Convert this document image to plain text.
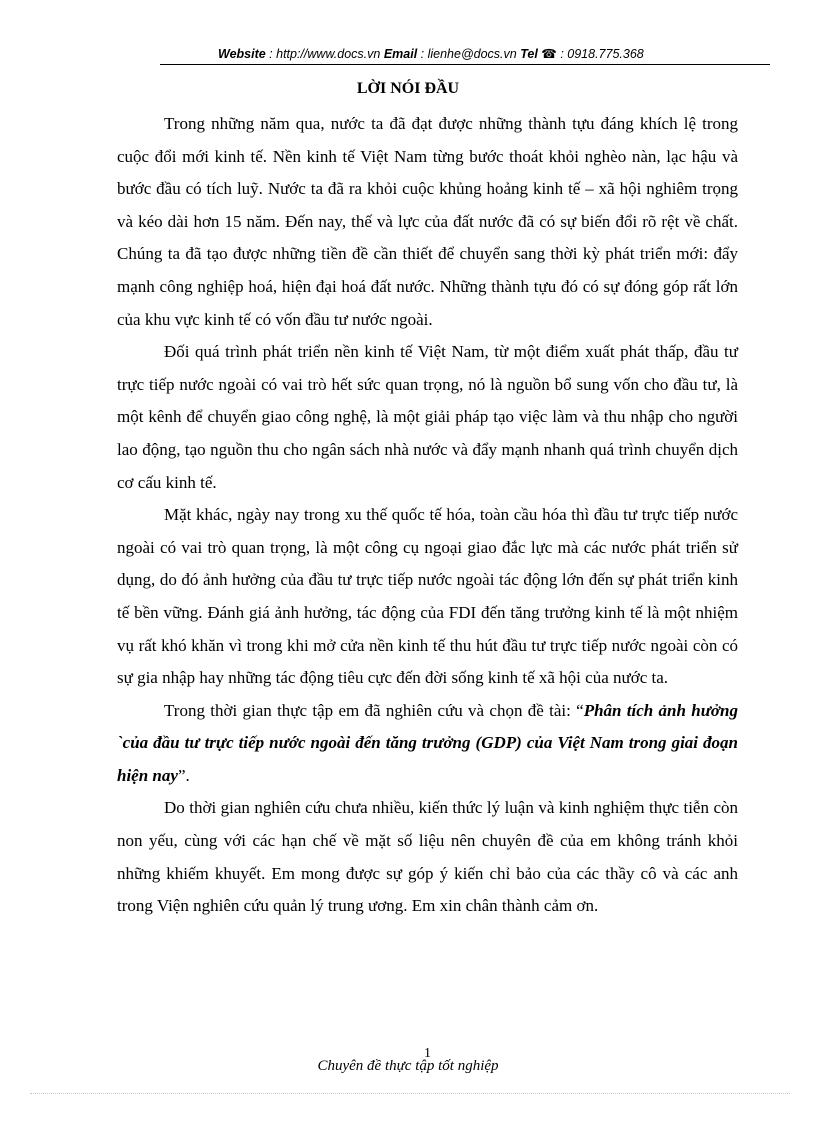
Website : http://www.docs.vn Email : lienhe@docs.vn Tel ☎ : 0918.775.368
LỜI NÓI ĐẦU

Trong những năm qua, nước ta đã đạt được những thành tựu đáng khích lệ trong cuộc đổi mới kinh tế. Nền kinh tế Việt Nam từng bước thoát khỏi nghèo nàn, lạc hậu và bước đầu có tích luỹ. Nước ta đã ra khỏi cuộc khủng hoảng kinh tế – xã hội nghiêm trọng và kéo dài hơn 15 năm. Đến nay, thế và lực của đất nước đã có sự biến đổi rõ rệt về chất. Chúng ta đã tạo được những tiền đề cần thiết để chuyển sang thời kỳ phát triển mới: đẩy mạnh công nghiệp hoá, hiện đại hoá đất nước. Những thành tựu đó có sự đóng góp rất lớn của khu vực kinh tế có vốn đầu tư nước ngoài.

Đối quá trình phát triển nền kinh tế Việt Nam, từ một điểm xuất phát thấp, đầu tư trực tiếp nước ngoài có vai trò hết sức quan trọng, nó là nguồn bổ sung vốn cho đầu tư, là một kênh để chuyển giao công nghệ, là một giải pháp tạo việc làm và thu nhập cho người lao động, tạo nguồn thu cho ngân sách nhà nước và đẩy mạnh nhanh quá trình chuyển dịch cơ cấu kinh tế.

Mặt khác, ngày nay trong xu thế quốc tế hóa, toàn cầu hóa thì đầu tư trực tiếp nước ngoài có vai trò quan trọng, là một công cụ ngoại giao đắc lực mà các nước phát triển sử dụng, do đó ảnh hưởng của đầu tư trực tiếp nước ngoài tác động lớn đến sự phát triển kinh tế bền vững. Đánh giá ảnh hưởng, tác động của FDI đến tăng trưởng kinh tế là một nhiệm vụ rất khó khăn vì trong khi mở cửa nền kinh tế thu hút đầu tư trực tiếp nước ngoài còn có sự gia nhập hay những tác động tiêu cực đến đời sống kinh tế xã hội của nước ta.

Trong thời gian thực tập em đã nghiên cứu và chọn đề tài: “Phân tích ảnh hưởng `của đầu tư trực tiếp nước ngoài đến tăng trưởng (GDP) của Việt Nam trong giai đoạn hiện nay”.

Do thời gian nghiên cứu chưa nhiều, kiến thức lý luận và kinh nghiệm thực tiễn còn non yếu, cùng với các hạn chế về mặt số liệu nên chuyên đề của em không tránh khỏi những khiếm khuyết. Em mong được sự góp ý kiến chỉ bảo của các thầy cô và các anh trong Viện nghiên cứu quản lý trung ương. Em xin chân thành cảm ơn.

1
Chuyên đề thực tập tốt nghiệp
